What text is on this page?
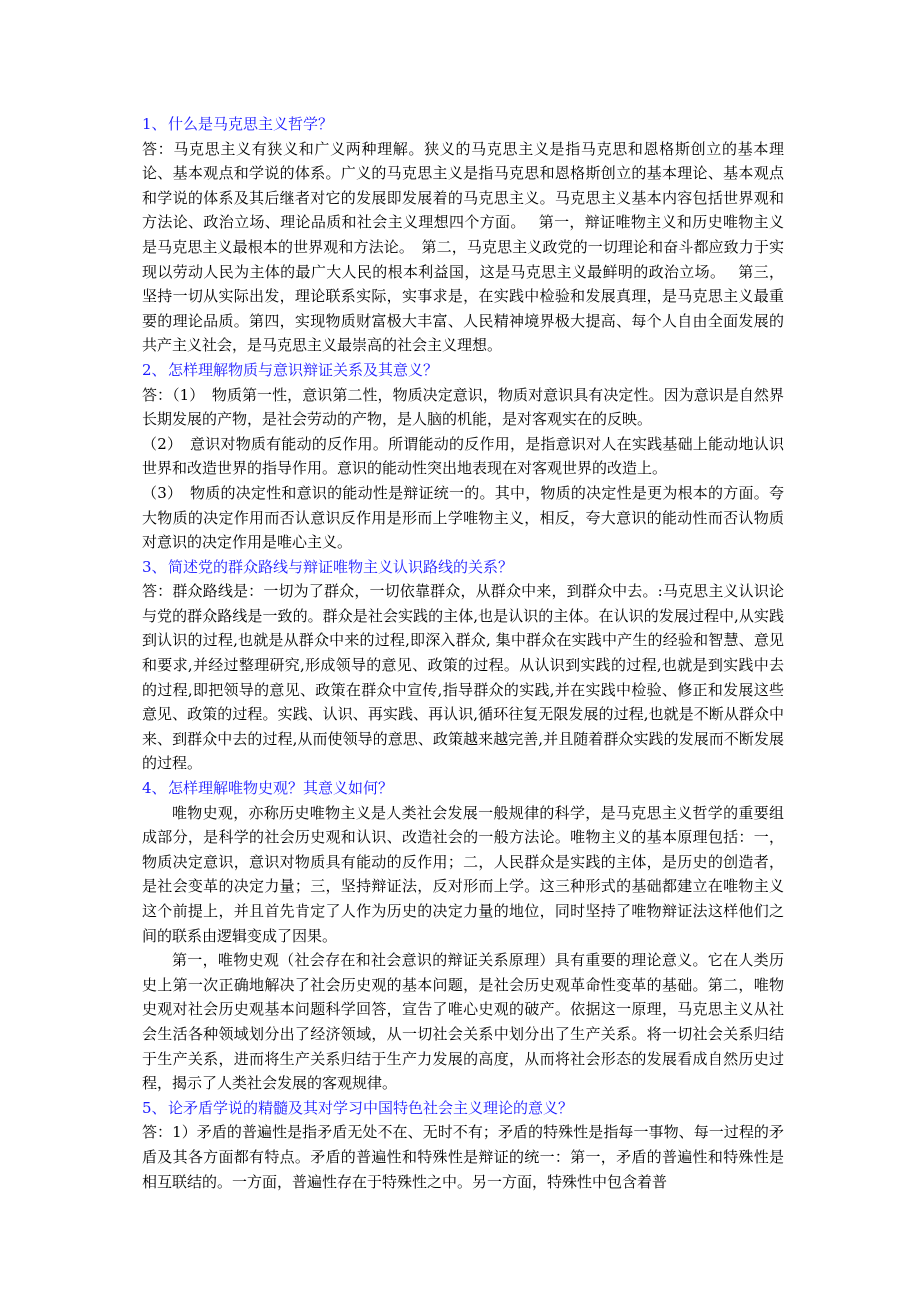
1、什么是马克思主义哲学？

答：马克思主义有狭义和广义两种理解。狭义的马克思主义是指马克思和恩格斯创立的基本理论、基本观点和学说的体系。广义的马克思主义是指马克思和恩格斯创立的基本理论、基本观点和学说的体系及其后继者对它的发展即发展着的马克思主义。马克思主义基本内容包括世界观和方法论、政治立场、理论品质和社会主义理想四个方面。　 第一，辩证唯物主义和历史唯物主义是马克思主义最根本的世界观和方法论。　第二，马克思主义政党的一切理论和奋斗都应致力于实现以劳动人民为主体的最广大人民的根本利益国，这是马克思主义最鲜明的政治立场。　 第三，坚持一切从实际出发，理论联系实际，实事求是，在实践中检验和发展真理，是马克思主义最重要的理论品质。第四，实现物质财富极大丰富、人民精神境界极大提高、每个人自由全面发展的共产主义社会，是马克思主义最崇高的社会主义理想。

2、怎样理解物质与意识辩证关系及其意义？

答：（1）　物质第一性，意识第二性，物质决定意识，物质对意识具有决定性。因为意识是自然界长期发展的产物，是社会劳动的产物，是人脑的机能，是对客观实在的反映。

（2）　意识对物质有能动的反作用。所谓能动的反作用，是指意识对人在实践基础上能动地认识世界和改造世界的指导作用。意识的能动性突出地表现在对客观世界的改造上。

（3）　物质的决定性和意识的能动性是辩证统一的。其中，物质的决定性是更为根本的方面。夸大物质的决定作用而否认意识反作用是形而上学唯物主义，相反，夸大意识的能动性而否认物质对意识的决定作用是唯心主义。

3、简述党的群众路线与辩证唯物主义认识路线的关系？

答：群众路线是：一切为了群众，一切依靠群众，从群众中来，到群众中去。:马克思主义认识论与党的群众路线是一致的。群众是社会实践的主体,也是认识的主体。在认识的发展过程中,从实践到认识的过程,也就是从群众中来的过程,即深入群众, 集中群众在实践中产生的经验和智慧、意见和要求,并经过整理研究,形成领导的意见、政策的过程。从认识到实践的过程,也就是到实践中去的过程,即把领导的意见、政策在群众中宣传,指导群众的实践,并在实践中检验、修正和发展这些意见、政策的过程。实践、认识、再实践、再认识,循环往复无限发展的过程,也就是不断从群众中来、到群众中去的过程,从而使领导的意思、政策越来越完善,并且随着群众实践的发展而不断发展的过程。

4、怎样理解唯物史观？其意义如何？

唯物史观，亦称历史唯物主义是人类社会发展一般规律的科学，是马克思主义哲学的重要组成部分，是科学的社会历史观和认识、改造社会的一般方法论。唯物主义的基本原理包括：一，物质决定意识，意识对物质具有能动的反作用；二，人民群众是实践的主体，是历史的创造者，是社会变革的决定力量；三，坚持辩证法，反对形而上学。这三种形式的基础都建立在唯物主义这个前提上，并且首先肯定了人作为历史的决定力量的地位，同时坚持了唯物辩证法这样他们之间的联系由逻辑变成了因果。

第一，唯物史观（社会存在和社会意识的辩证关系原理）具有重要的理论意义。它在人类历史上第一次正确地解决了社会历史观的基本问题，是社会历史观革命性变革的基础。第二，唯物史观对社会历史观基本问题科学回答，宣告了唯心史观的破产。依据这一原理，马克思主义从社会生活各种领域划分出了经济领域，从一切社会关系中划分出了生产关系。将一切社会关系归结于生产关系，进而将生产关系归结于生产力发展的高度，从而将社会形态的发展看成自然历史过程，揭示了人类社会发展的客观规律。

5、论矛盾学说的精髓及其对学习中国特色社会主义理论的意义？

答：1）矛盾的普遍性是指矛盾无处不在、无时不有；矛盾的特殊性是指每一事物、每一过程的矛盾及其各方面都有特点。矛盾的普遍性和特殊性是辩证的统一：第一，矛盾的普遍性和特殊性是相互联结的。一方面，普遍性存在于特殊性之中。另一方面，特殊性中包含着普
